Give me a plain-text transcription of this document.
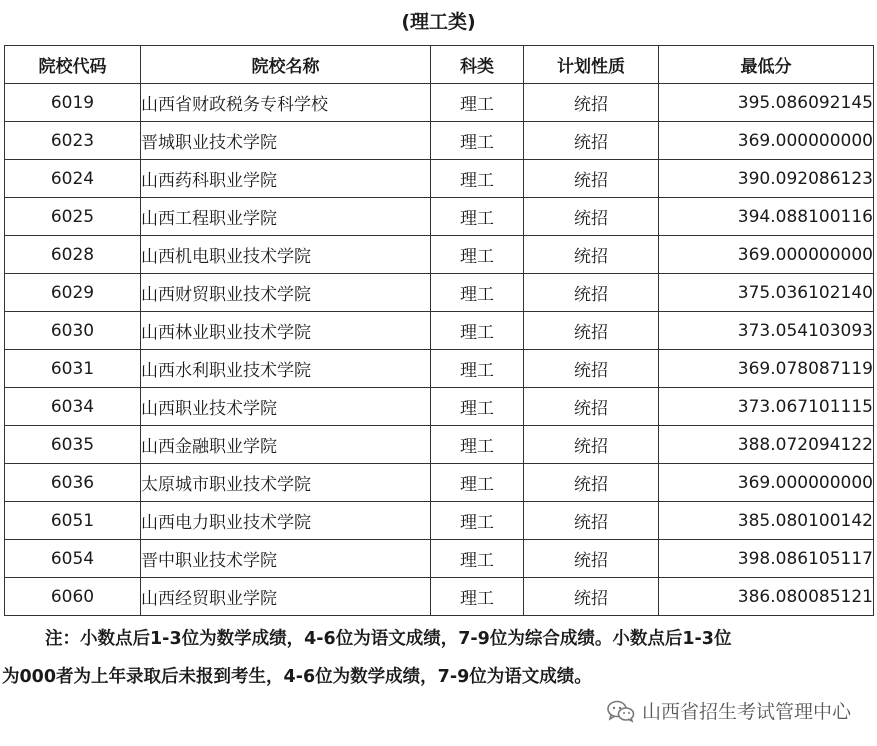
(理工类)
院校代码	院校名称	科类	计划性质	最低分
6019	山西省财政税务专科学校	理工	统招	395.086092145
6023	晋城职业技术学院	理工	统招	369.000000000
6024	山西药科职业学院	理工	统招	390.092086123
6025	山西工程职业学院	理工	统招	394.088100116
6028	山西机电职业技术学院	理工	统招	369.000000000
6029	山西财贸职业技术学院	理工	统招	375.036102140
6030	山西林业职业技术学院	理工	统招	373.054103093
6031	山西水利职业技术学院	理工	统招	369.078087119
6034	山西职业技术学院	理工	统招	373.067101115
6035	山西金融职业学院	理工	统招	388.072094122
6036	太原城市职业技术学院	理工	统招	369.000000000
6051	山西电力职业技术学院	理工	统招	385.080100142
6054	晋中职业技术学院	理工	统招	398.086105117
6060	山西经贸职业学院	理工	统招	386.080085121
注：小数点后1-3位为数学成绩，4-6位为语文成绩，7-9位为综合成绩。小数点后1-3位
为000者为上年录取后未报到考生，4-6位为数学成绩，7-9位为语文成绩。
山西省招生考试管理中心
